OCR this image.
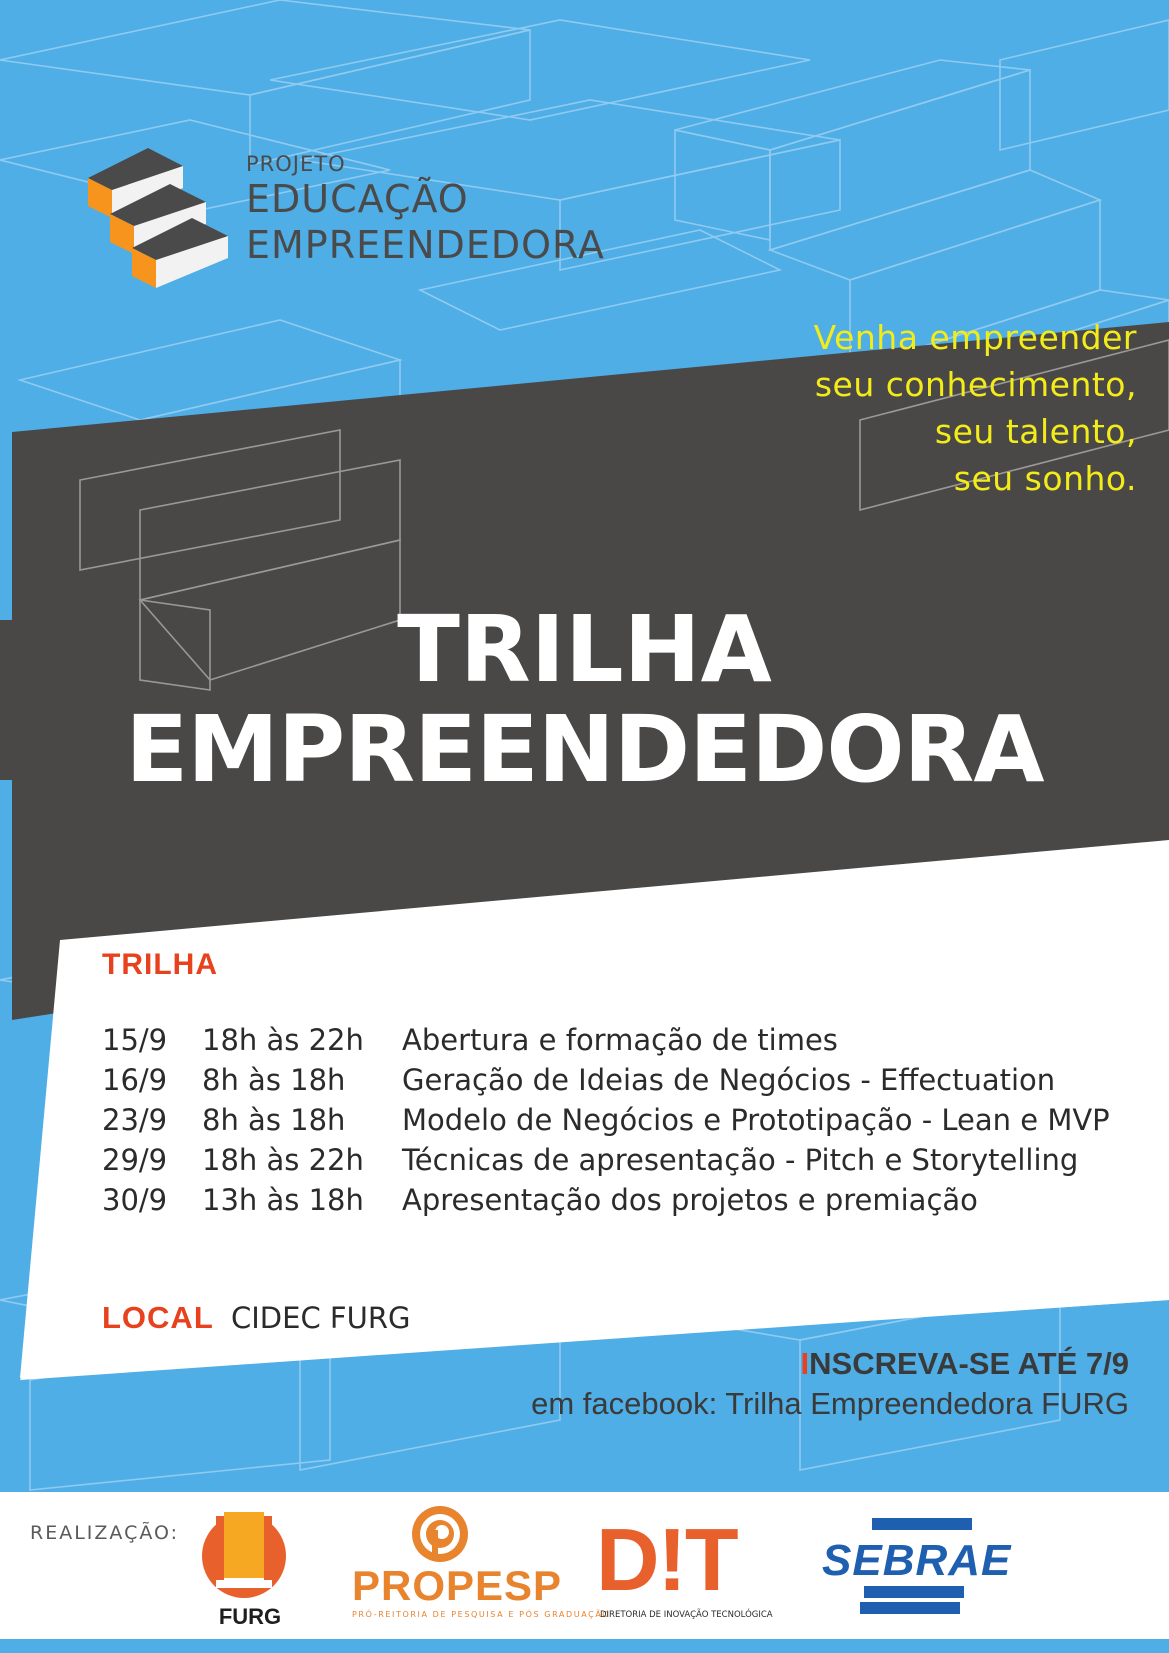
PROJETO
EDUCAÇÃO
EMPREENDEDORA
Venha empreender
seu conhecimento,
seu talento,
seu sonho.
TRILHA
EMPREENDEDORA
TRILHA
15/9	18h às 22h	Abertura e formação de times
16/9	8h às 18h	Geração de Ideias de Negócios - Effectuation
23/9	8h às 18h	Modelo de Negócios e Prototipação - Lean e MVP
29/9	18h às 22h	Técnicas de apresentação - Pitch e Storytelling
30/9	13h às 18h	Apresentação dos projetos e premiação
LOCAL CIDEC FURG
INSCREVA-SE ATÉ 7/9
em facebook: Trilha Empreendedora FURG
REALIZAÇÃO:
FURG
PROPESP
PRÓ-REITORIA DE PESQUISA E PÓS GRADUAÇÃO
D!T
DIRETORIA DE INOVAÇÃO TECNOLÓGICA
SEBRAE
